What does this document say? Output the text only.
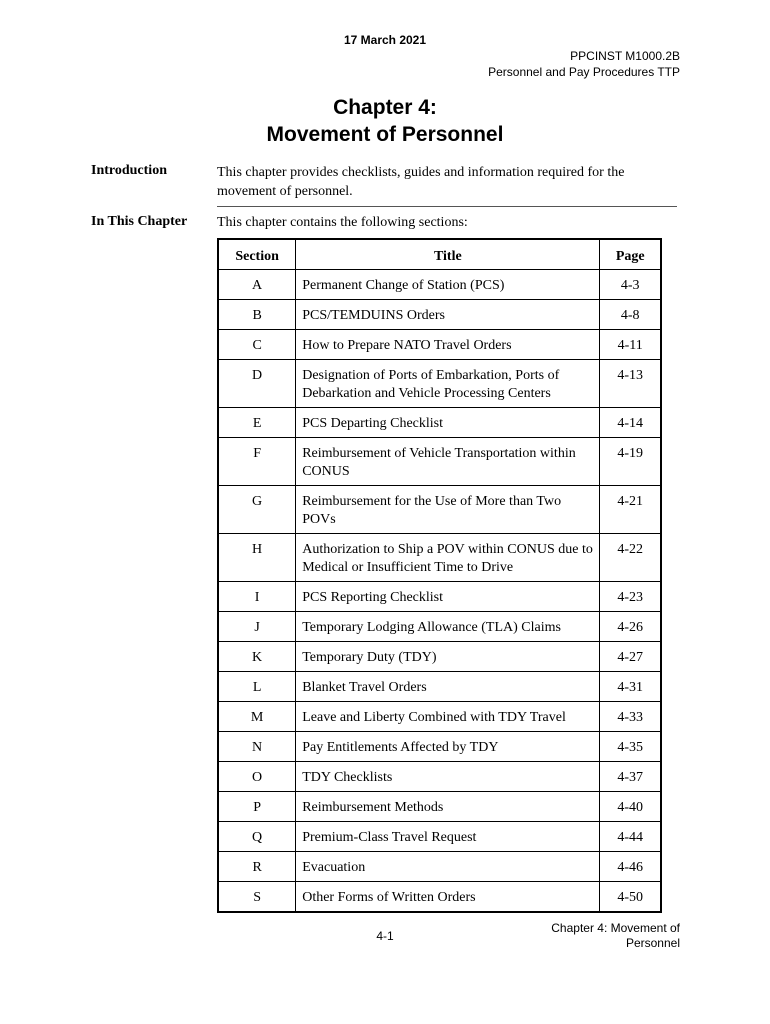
17 March 2021
PPCINST M1000.2B
Personnel and Pay Procedures TTP
Chapter 4:
Movement of Personnel
Introduction	This chapter provides checklists, guides and information required for the movement of personnel.
In This Chapter This chapter contains the following sections:
Section	Title	Page
A	Permanent Change of Station (PCS)	4-3
B	PCS/TEMDUINS Orders	4-8
C	How to Prepare NATO Travel Orders	4-11
D	Designation of Ports of Embarkation, Ports of Debarkation and Vehicle Processing Centers	4-13
E	PCS Departing Checklist	4-14
F	Reimbursement of Vehicle Transportation within CONUS	4-19
G	Reimbursement for the Use of More than Two POVs	4-21
H	Authorization to Ship a POV within CONUS due to Medical or Insufficient Time to Drive	4-22
I	PCS Reporting Checklist	4-23
J	Temporary Lodging Allowance (TLA) Claims	4-26
K	Temporary Duty (TDY)	4-27
L	Blanket Travel Orders	4-31
M	Leave and Liberty Combined with TDY Travel	4-33
N	Pay Entitlements Affected by TDY	4-35
O	TDY Checklists	4-37
P	Reimbursement Methods	4-40
Q	Premium-Class Travel Request	4-44
R	Evacuation	4-46
S	Other Forms of Written Orders	4-50
4-1
Chapter 4: Movement of
Personnel
